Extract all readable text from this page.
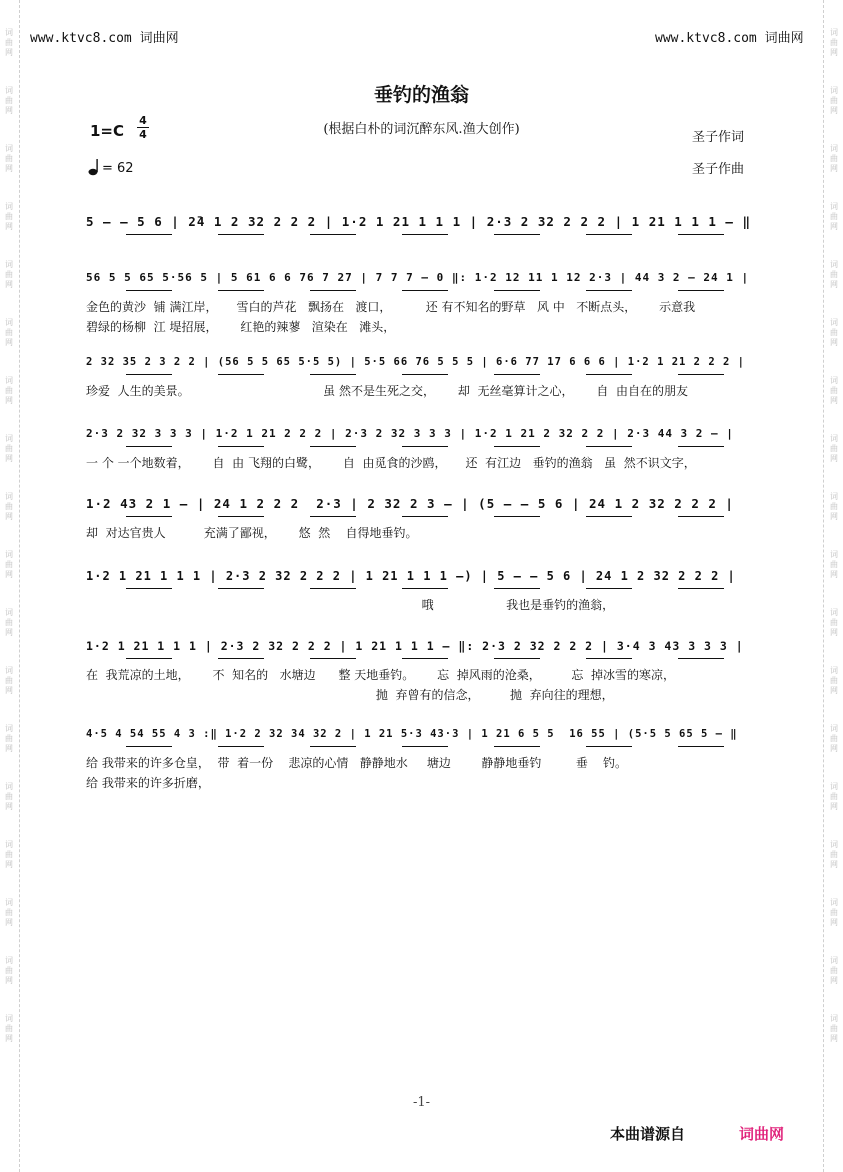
词
曲
网
词
曲
网
词
曲
网
词
曲
网
词
曲
网
词
曲
网
词
曲
网
词
曲
网
词
曲
网
词
曲
网
词
曲
网
词
曲
网
词
曲
网
词
曲
网
词
曲
网
词
曲
网
词
曲
网
词
曲
网
词
曲
网
词
曲
网
词
曲
网
词
曲
网
词
曲
网
词
曲
网
词
曲
网
词
曲
网
词
曲
网
词
曲
网
词
曲
网
词
曲
网
词
曲
网
词
曲
网
词
曲
网
词
曲
网
词
曲
网
词
曲
网
www.ktvc8.com 词曲网	www.ktvc8.com 词曲网
垂钓的渔翁
(根据白朴的词沉醉东风.渔大创作)
1=C
4
4
= 62
圣子作词
圣子作曲
5 — — 5 6 | 2̄4 1 2 32 2 2 2 | 1·2 1 21 1 1 1 | 2·3 2 32 2 2 2 | 1 21 1 1 1 — ‖
56 5 5 65 5·56 5 | 5 61 6 6 76 7 27 | 7 7 7 — 0 ‖: 1·2 12 11 1 12 2·3 | 44 3 2 — 24 1 |
金色的黄沙  铺 满江岸，     雪白的芦花   飘扬在   渡口，         还 有不知名的野草   风 中   不断点头，      示意我
碧绿的杨柳  江 堤招展，      红艳的辣蓼   渲染在   滩头，
2 32 35 2 3 2 2 | (56 5 5 65 5·5 5) | 5·5 66 76 5 5 5 | 6·6 77 17 6 6 6 | 1·2 1 21 2 2 2 |
珍爱  人生的美景。                                   虽 然不是生死之交，      却  无丝毫算计之心，      自  由自在的朋友
2·3 2 32 3 3 3 | 1·2 1 21 2 2 2 | 2·3 2 32 3 3 3 | 1·2 1 21 2 32 2 2 | 2·3 44 3 2 — |
一 个 一个地数着，      自  由 飞翔的白鹭，      自  由觅食的沙鸥，     还  有江边   垂钓的渔翁   虽  然不识文字，
1·2 43 2 1 — | 24 1 2 2 2  2·3 | 2 32 2 3 — | (5 — — 5 6 | 24 1 2 32 2 2 2 |
却  对达官贵人          充满了鄙视，      悠  然    自得地垂钓。
1·2 1 21 1 1 1 | 2·3 2 32 2 2 2 | 1 21 1 1 1 —) | 5 — — 5 6 | 24 1 2 32 2 2 2 |
哦                   我也是垂钓的渔翁，
1·2 1 21 1 1 1 | 2·3 2 32 2 2 2 | 1 21 1 1 1 — ‖: 2·3 2 32 2 2 2 | 3·4 3 43 3 3 3 |
在  我荒凉的土地，      不  知名的   水塘边      整 天地垂钓。      忘  掉风雨的沧桑，        忘  掉冰雪的寒凉，
抛  弃曾有的信念，        抛  弃向往的理想，
4·5 4 54 55 4 3 :‖ 1·2 2 32 34 32 2 | 1 21 5·3 43·3 | 1 21 6 5 5  16 55 | (5·5 5 65 5 — ‖
给 我带来的许多仓皇，  带  着一份    悲凉的心情   静静地水     塘边        静静地垂钓         垂    钓。
给 我带来的许多折磨，
-1-
本曲谱源自	词曲网
